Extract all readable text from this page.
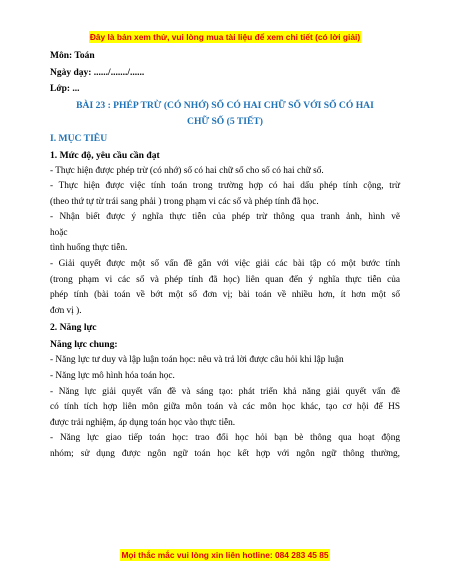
Đây là bản xem thử, vui lòng mua tài liệu để xem chi tiết (có lời giải)
Môn: Toán
Ngày dạy: ....../......./......
Lớp: ...
BÀI 23 : PHÉP TRỪ (CÓ NHỚ) SỐ CÓ HAI CHỮ SỐ VỚI SỐ CÓ HAI
CHỮ SỐ (5 TIẾT)
I. MỤC TIÊU
1. Mức độ, yêu cầu cần đạt
- Thực hiện được phép trừ (có nhớ) số có hai chữ số cho số có hai chữ số.
- Thực hiện được việc tính toán trong trường hợp có hai dấu phép tính cộng, trừ
(theo thứ tự từ trái sang phải ) trong phạm vi các số và phép tính đã học.
- Nhận biết được ý nghĩa thực tiễn của phép trừ thông qua tranh ảnh, hình vẽ
hoặc
tình huống thực tiễn.
- Giải quyết được một số vấn đề gắn với việc giải các bài tập có một bước tính
(trong phạm vi các số và phép tính đã học) liên quan đến ý nghĩa thực tiễn của
phép tính (bài toán về bớt một số đơn vị; bài toán về nhiều hơn, ít hơn một số
đơn vị ).
2. Năng lực
Năng lực chung:
- Năng lực tư duy và lập luận toán học: nêu và trả lời được câu hỏi khi lập luận
- Năng lực mô hình hóa toán học.
- Năng lực giải quyết vấn đề và sáng tạo: phát triển khả năng giải quyết vấn đề
có tính tích hợp liên môn giữa môn toán và các môn học khác, tạo cơ hội để HS
được trải nghiệm, áp dụng toán học vào thực tiễn.
- Năng lực giao tiếp toán học: trao đổi học hỏi bạn bè thông qua hoạt động
nhóm; sử dụng được ngôn ngữ toán học kết hợp với ngôn ngữ thông thường,
Mọi thắc mắc vui lòng xin liên hotline: 084 283 45 85
